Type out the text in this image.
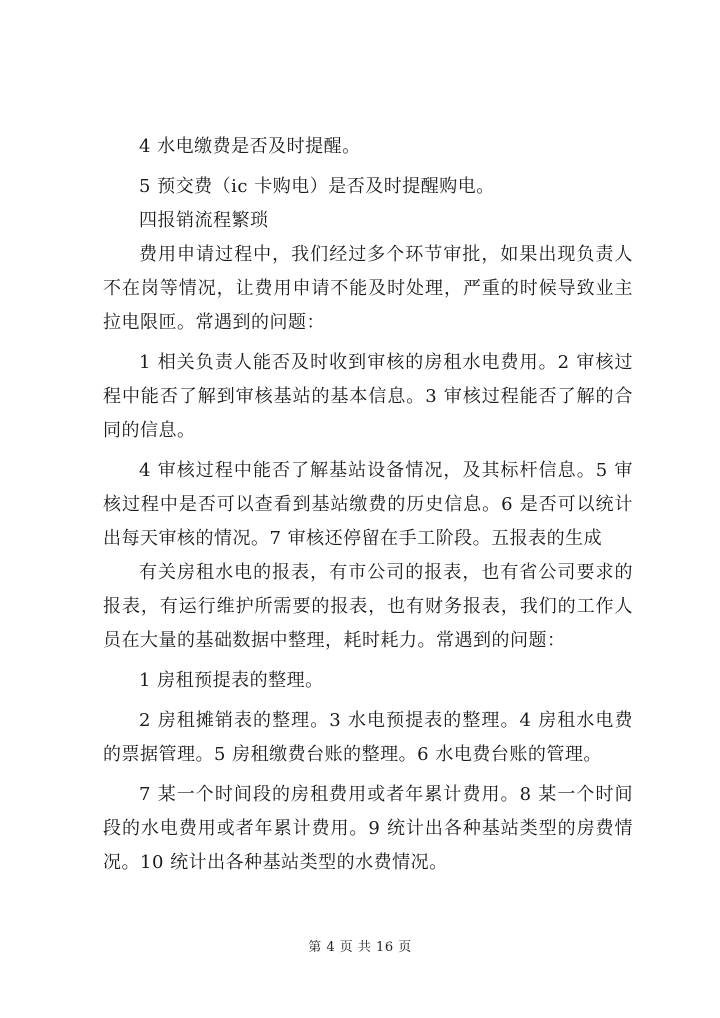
4 水电缴费是否及时提醒。

5 预交费（ic 卡购电）是否及时提醒购电。

四报销流程繁琐

费用申请过程中，我们经过多个环节审批，如果出现负责人不在岗等情况，让费用申请不能及时处理，严重的时候导致业主拉电限匝。常遇到的问题：

1 相关负责人能否及时收到审核的房租水电费用。2 审核过程中能否了解到审核基站的基本信息。3 审核过程能否了解的合同的信息。

4 审核过程中能否了解基站设备情况，及其标杆信息。5 审核过程中是否可以查看到基站缴费的历史信息。6 是否可以统计出每天审核的情况。7 审核还停留在手工阶段。五报表的生成

有关房租水电的报表，有市公司的报表，也有省公司要求的报表，有运行维护所需要的报表，也有财务报表，我们的工作人员在大量的基础数据中整理，耗时耗力。常遇到的问题：

1 房租预提表的整理。

2 房租摊销表的整理。3 水电预提表的整理。4 房租水电费的票据管理。5 房租缴费台账的整理。6 水电费台账的管理。

7 某一个时间段的房租费用或者年累计费用。8 某一个时间段的水电费用或者年累计费用。9 统计出各种基站类型的房费情况。10 统计出各种基站类型的水费情况。

第 4 页 共 16 页
